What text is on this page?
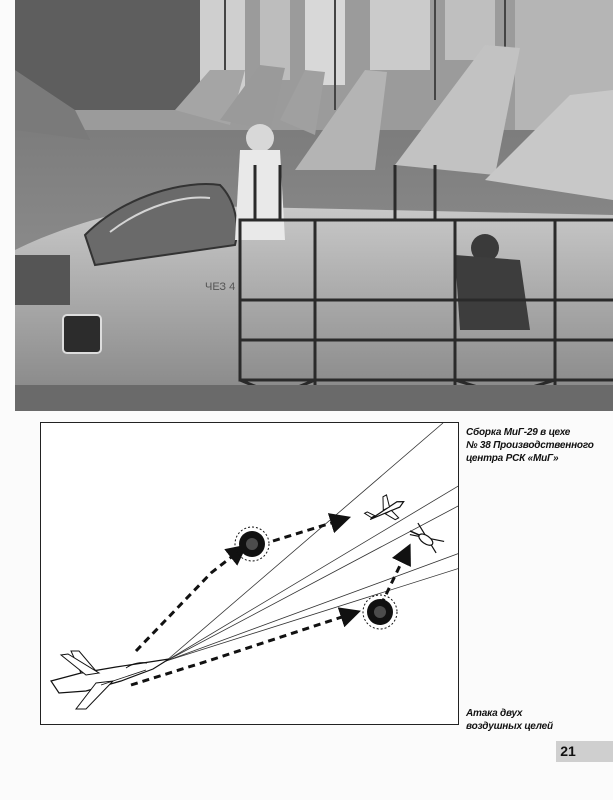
ЧЕЗ 4
Сборка МиГ-29 в цехе
№ 38 Производственного
центра РСК «МиГ»
Атака двух
воздушных целей
21
